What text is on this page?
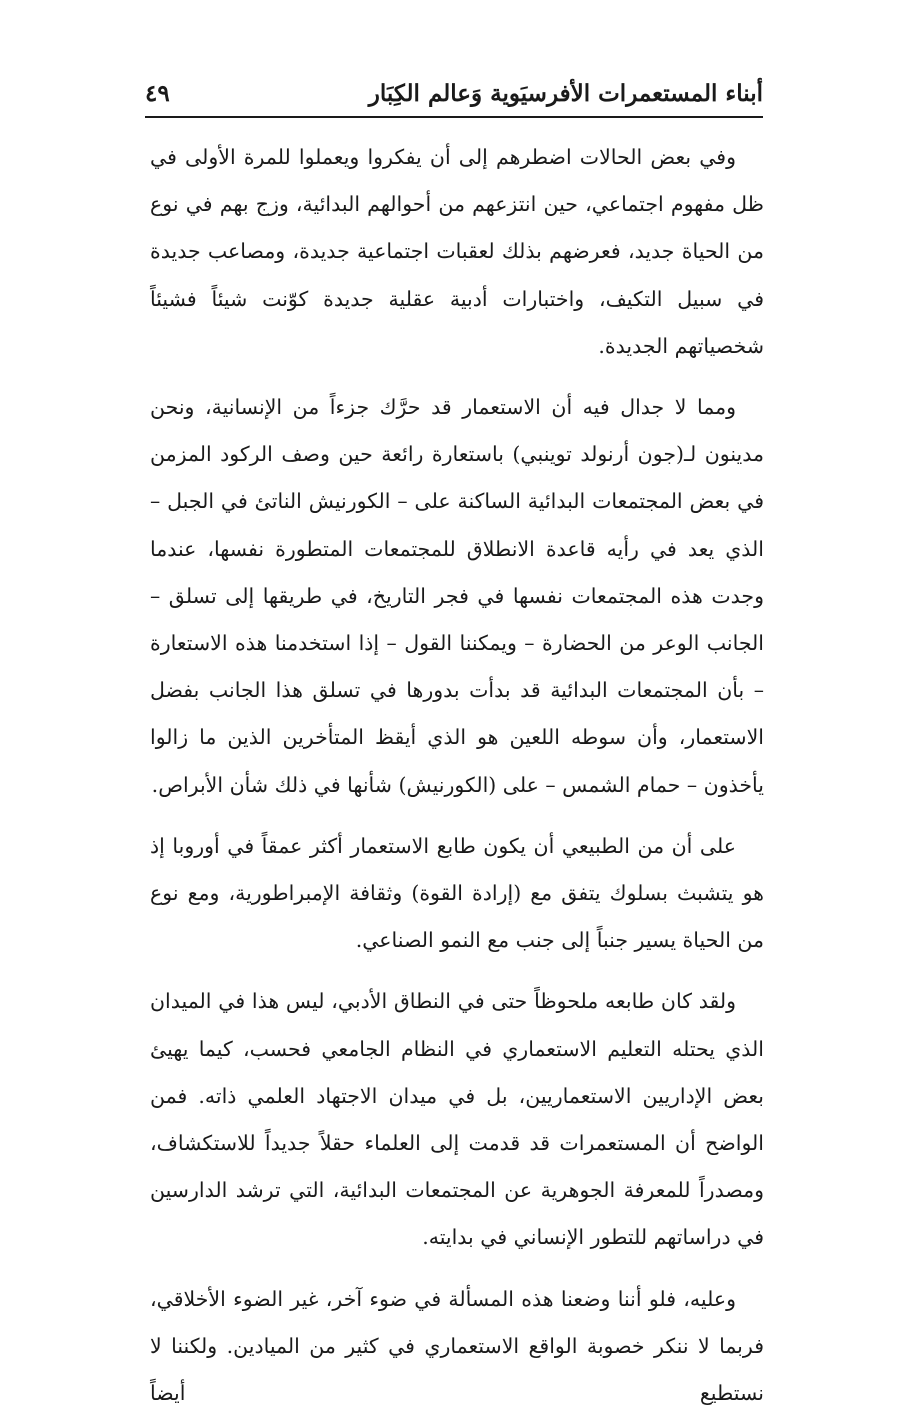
أبناء المستعمرات الأفرسيَوية وَعالم الكِبَار
٤٩

وفي بعض الحالات اضطرهم إلى أن يفكروا ويعملوا للمرة الأولى في ظل مفهوم اجتماعي، حين انتزعهم من أحوالهم البدائية، وزج بهم في نوع من الحياة جديد، فعرضهم بذلك لعقبات اجتماعية جديدة، ومصاعب جديدة في سبيل التكيف، واختبارات أدبية عقلية جديدة كوّنت شيئاً فشيئاً شخصياتهم الجديدة.

ومما لا جدال فيه أن الاستعمار قد حرَّك جزءاً من الإنسانية، ونحن مدينون لـ(جون أرنولد توينبي) باستعارة رائعة حين وصف الركود المزمن في بعض المجتمعات البدائية الساكنة على – الكورنيش الناتئ في الجبل – الذي يعد في رأيه قاعدة الانطلاق للمجتمعات المتطورة نفسها، عندما وجدت هذه المجتمعات نفسها في فجر التاريخ، في طريقها إلى تسلق – الجانب الوعر من الحضارة – ويمكننا القول – إذا استخدمنا هذه الاستعارة – بأن المجتمعات البدائية قد بدأت بدورها في تسلق هذا الجانب بفضل الاستعمار، وأن سوطه اللعين هو الذي أيقظ المتأخرين الذين ما زالوا يأخذون – حمام الشمس – على (الكورنيش) شأنها في ذلك شأن الأبراص.

على أن من الطبيعي أن يكون طابع الاستعمار أكثر عمقاً في أوروبا إذ هو يتشبث بسلوك يتفق مع (إرادة القوة) وثقافة الإمبراطورية، ومع نوع من الحياة يسير جنباً إلى جنب مع النمو الصناعي.

ولقد كان طابعه ملحوظاً حتى في النطاق الأدبي، ليس هذا في الميدان الذي يحتله التعليم الاستعماري في النظام الجامعي فحسب، كيما يهيئ بعض الإداريين الاستعماريين، بل في ميدان الاجتهاد العلمي ذاته. فمن الواضح أن المستعمرات قد قدمت إلى العلماء حقلاً جديداً للاستكشاف، ومصدراً للمعرفة الجوهرية عن المجتمعات البدائية، التي ترشد الدارسين في دراساتهم للتطور الإنساني في بدايته.

وعليه، فلو أننا وضعنا هذه المسألة في ضوء آخر، غير الضوء الأخلاقي، فربما لا ننكر خصوبة الواقع الاستعماري في كثير من الميادين. ولكننا لا نستطيع أيضاً
